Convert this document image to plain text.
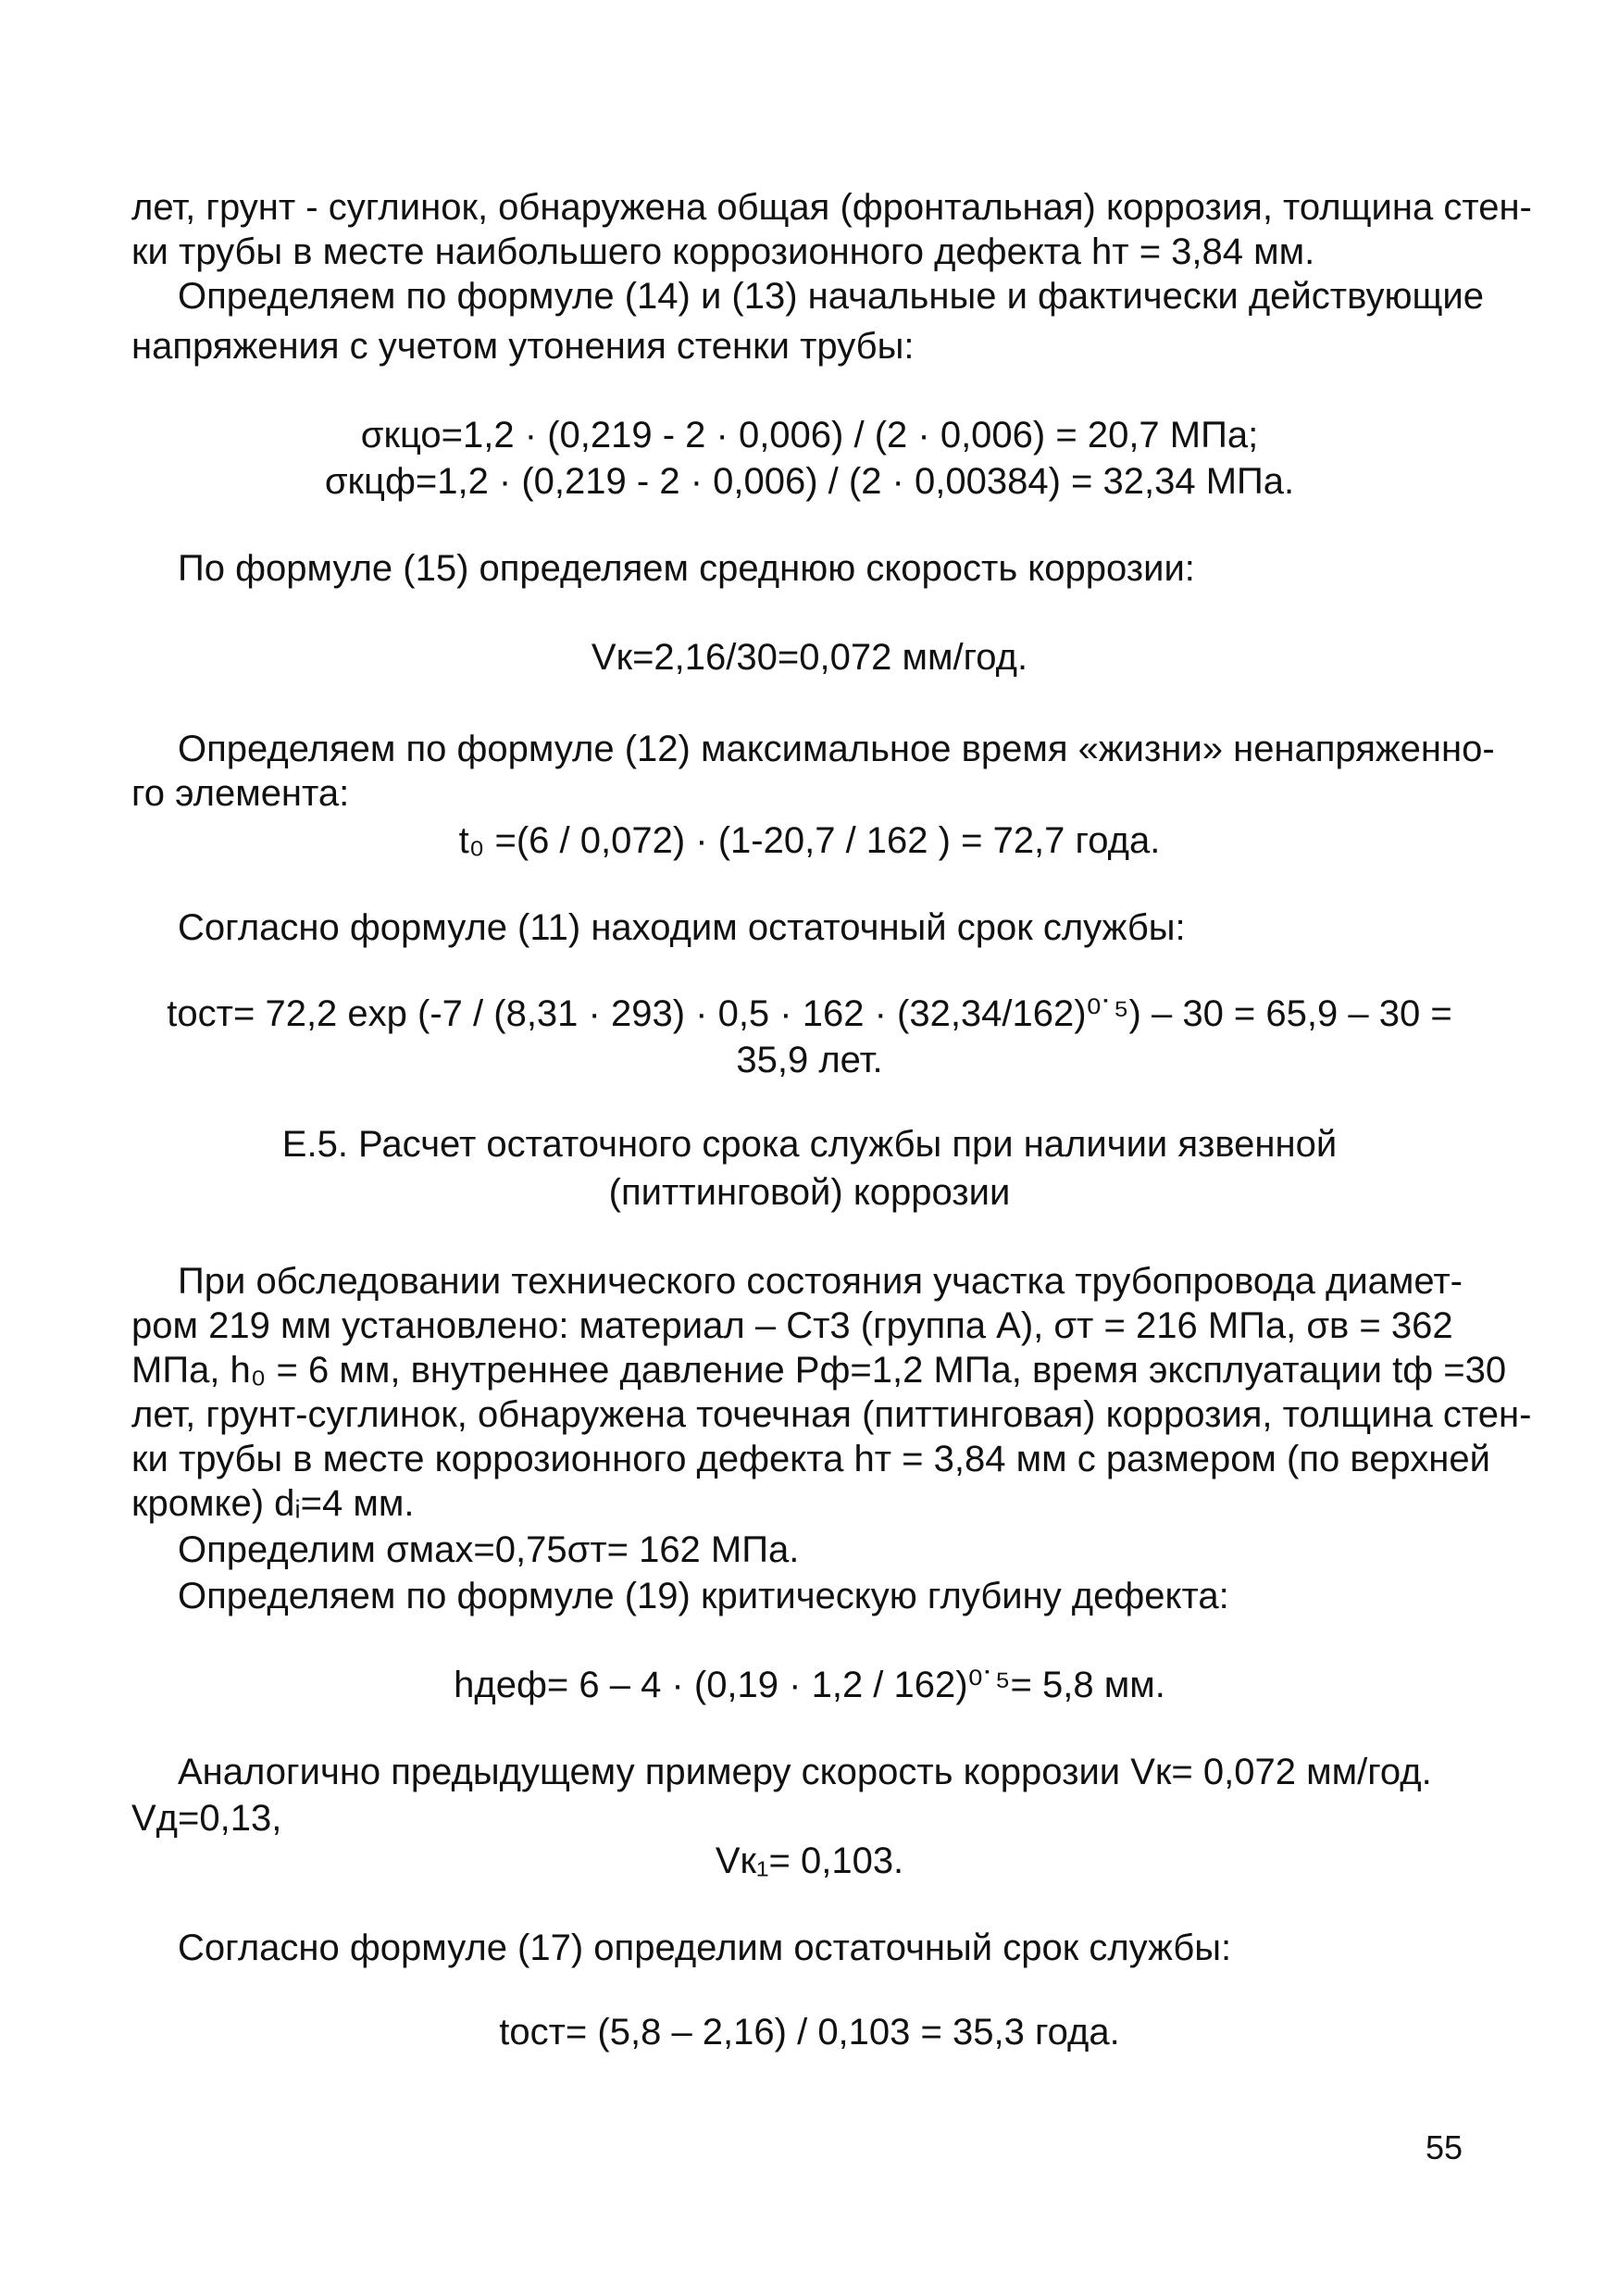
лет, грунт - суглинок, обнаружена общая (фронтальная) коррозия, толщина стен-
ки трубы в месте наибольшего коррозионного дефекта hт = 3,84 мм.
Определяем по формуле (14) и (13) начальные и фактически действующие
напряжения с учетом утонения стенки трубы:
σкцо=1,2 · (0,219 - 2 · 0,006) / (2 · 0,006) = 20,7 МПа;
σкцф=1,2 · (0,219 - 2 · 0,006) / (2 · 0,00384) = 32,34 МПа.
По формуле (15) определяем среднюю скорость коррозии:
Vк=2,16/30=0,072 мм/год.
Определяем по формуле (12) максимальное время «жизни» ненапряженно-
го элемента:
t₀ =(6 / 0,072) · (1-20,7 / 162 ) = 72,7 года.
Согласно формуле (11) находим остаточный срок службы:
tост= 72,2 exp (-7 / (8,31 · 293) · 0,5 · 162 · (32,34/162)⁰˙⁵) – 30 = 65,9 – 30 =
35,9 лет.
Е.5. Расчет остаточного срока службы при наличии язвенной
(питтинговой) коррозии
При обследовании технического состояния участка трубопровода диамет-
ром 219 мм установлено: материал – Ст3 (группа А), σт = 216 МПа, σв = 362
МПа, h₀ = 6 мм, внутреннее давление Pф=1,2 МПа, время эксплуатации tф =30
лет, грунт-суглинок, обнаружена точечная (питтинговая) коррозия, толщина стен-
ки трубы в месте коррозионного дефекта hт = 3,84 мм с размером (по верхней
кромке) dᵢ=4 мм.
Определим σмах=0,75σт= 162 МПа.
Определяем по формуле (19) критическую глубину дефекта:
hдеф= 6 – 4 · (0,19 · 1,2 / 162)⁰˙⁵= 5,8 мм.
Аналогично предыдущему примеру скорость коррозии Vк= 0,072 мм/год.
Vд=0,13,
Vк₁= 0,103.
Согласно формуле (17) определим остаточный срок службы:
tост= (5,8 – 2,16) / 0,103 = 35,3 года.
55
